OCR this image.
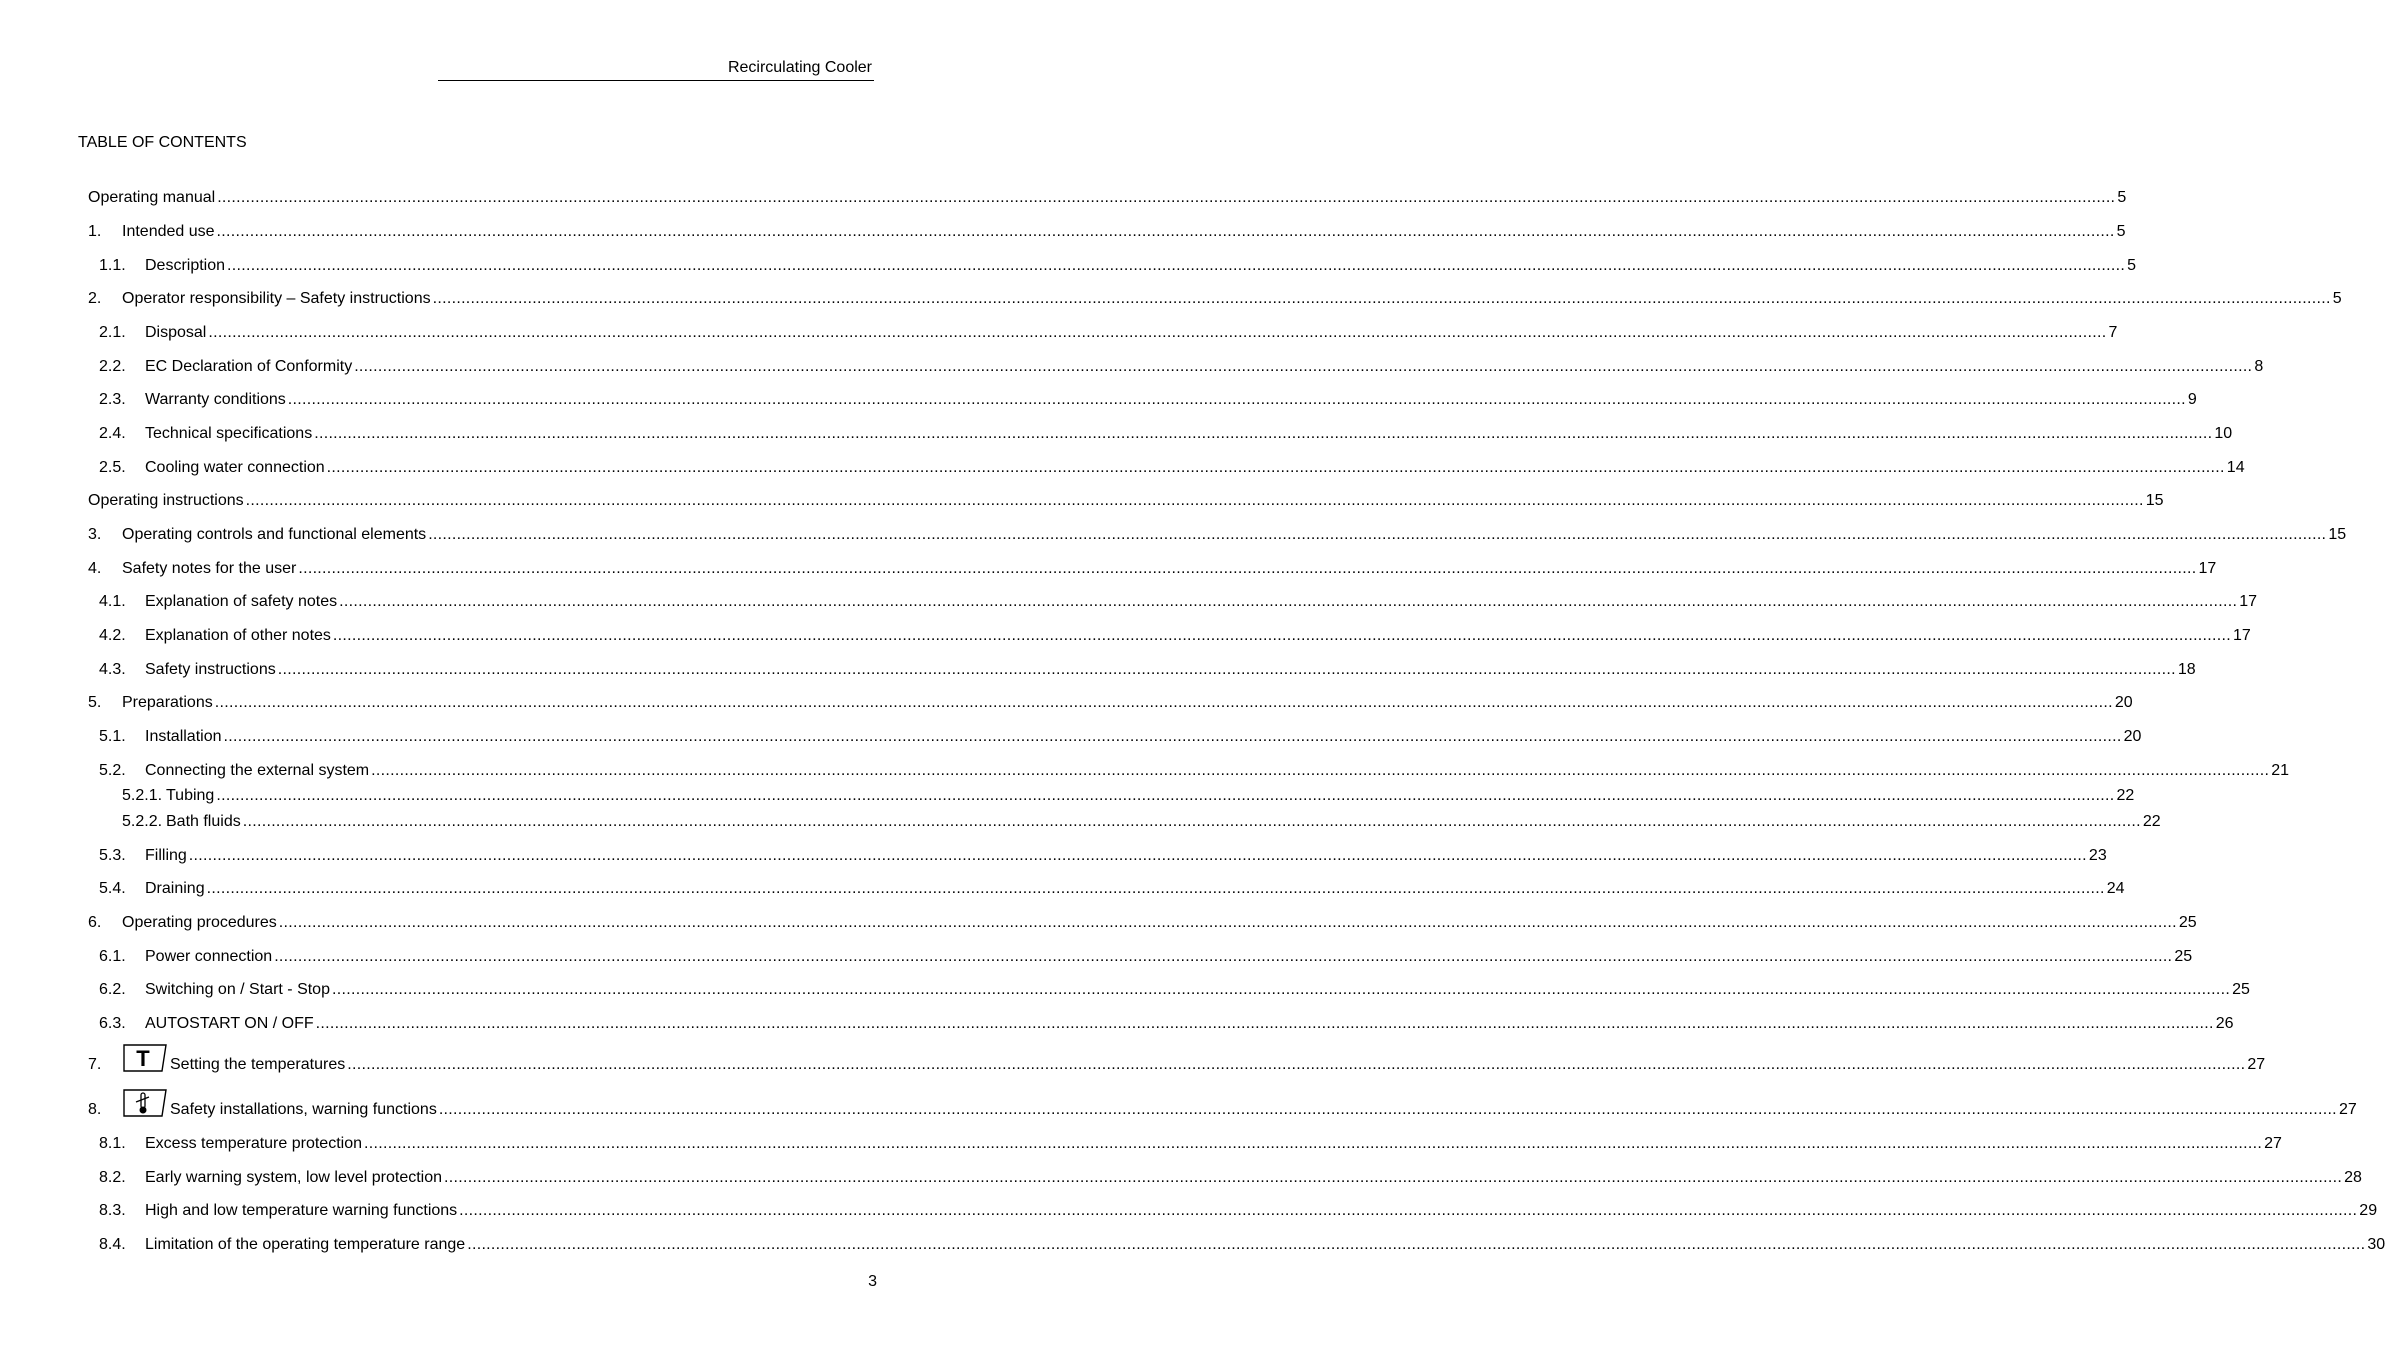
Recirculating Cooler
TABLE OF CONTENTS
Operating manual ................................................................................................................................................................................................................................................................................................................................................................................................................ 5
1.	Intended use ................................................................................................................................................................................................................................................................................................................................................................................................................ 5
1.1.	Description ................................................................................................................................................................................................................................................................................................................................................................................................................ 5
2.	Operator responsibility – Safety instructions ................................................................................................................................................................................................................................................................................................................................................................................................................ 5
2.1.	Disposal ................................................................................................................................................................................................................................................................................................................................................................................................................ 7
2.2.	EC Declaration of Conformity ................................................................................................................................................................................................................................................................................................................................................................................................................ 8
2.3.	Warranty conditions ................................................................................................................................................................................................................................................................................................................................................................................................................ 9
2.4.	Technical specifications ................................................................................................................................................................................................................................................................................................................................................................................................................ 10
2.5.	Cooling water connection ................................................................................................................................................................................................................................................................................................................................................................................................................ 14
Operating instructions ................................................................................................................................................................................................................................................................................................................................................................................................................ 15
3.	Operating controls and functional elements ................................................................................................................................................................................................................................................................................................................................................................................................................ 15
4.	Safety notes for the user ................................................................................................................................................................................................................................................................................................................................................................................................................ 17
4.1.	Explanation of safety notes ................................................................................................................................................................................................................................................................................................................................................................................................................ 17
4.2.	Explanation of other notes ................................................................................................................................................................................................................................................................................................................................................................................................................ 17
4.3.	Safety instructions ................................................................................................................................................................................................................................................................................................................................................................................................................ 18
5.	Preparations ................................................................................................................................................................................................................................................................................................................................................................................................................ 20
5.1.	Installation ................................................................................................................................................................................................................................................................................................................................................................................................................ 20
5.2.	Connecting the external system ................................................................................................................................................................................................................................................................................................................................................................................................................ 21
5.2.1. Tubing ................................................................................................................................................................................................................................................................................................................................................................................................................ 22
5.2.2. Bath fluids ................................................................................................................................................................................................................................................................................................................................................................................................................ 22
5.3.	Filling ................................................................................................................................................................................................................................................................................................................................................................................................................ 23
5.4.	Draining ................................................................................................................................................................................................................................................................................................................................................................................................................ 24
6.	Operating procedures ................................................................................................................................................................................................................................................................................................................................................................................................................ 25
6.1.	Power connection ................................................................................................................................................................................................................................................................................................................................................................................................................ 25
6.2.	Switching on / Start - Stop ................................................................................................................................................................................................................................................................................................................................................................................................................ 25
6.3.	AUTOSTART ON / OFF ................................................................................................................................................................................................................................................................................................................................................................................................................ 26
7.	T Setting the temperatures ................................................................................................................................................................................................................................................................................................................................................................................................................ 27
8.	Safety installations, warning functions ................................................................................................................................................................................................................................................................................................................................................................................................................ 27
8.1.	Excess temperature protection ................................................................................................................................................................................................................................................................................................................................................................................................................ 27
8.2.	Early warning system, low level protection ................................................................................................................................................................................................................................................................................................................................................................................................................ 28
8.3.	High and low temperature warning functions ................................................................................................................................................................................................................................................................................................................................................................................................................ 29
8.4.	Limitation of the operating temperature range ................................................................................................................................................................................................................................................................................................................................................................................................................ 30
3
